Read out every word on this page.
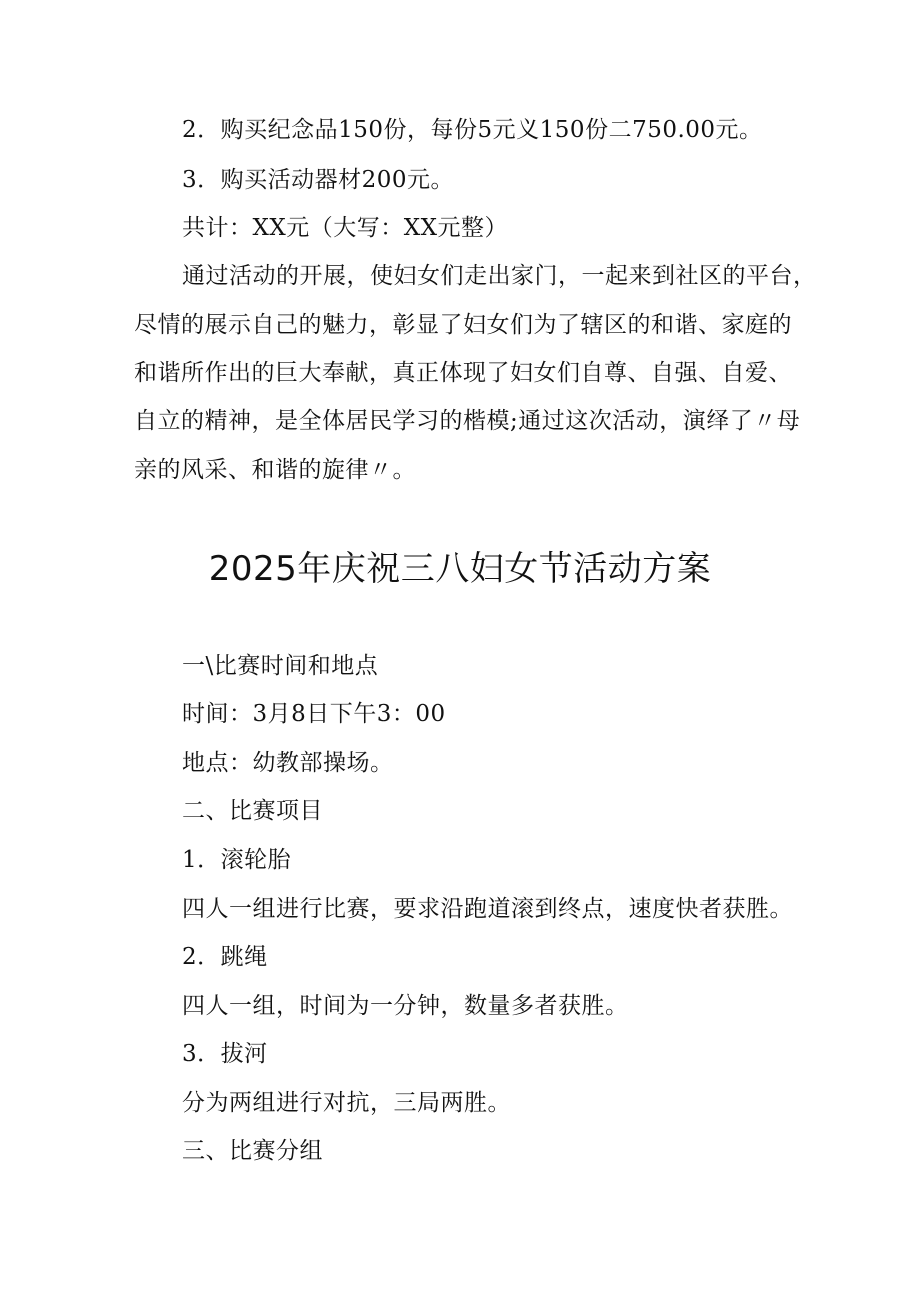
2．购买纪念品150份，每份5元义150份二750.00元。

3．购买活动器材200元。

共计：XX元（大写：XX元整）

通过活动的开展，使妇女们走出家门，一起来到社区的平台，

尽情的展示自己的魅力，彰显了妇女们为了辖区的和谐、家庭的

和谐所作出的巨大奉献，真正体现了妇女们自尊、自强、自爱、

自立的精神，是全体居民学习的楷模;通过这次活动，演绎了〃母

亲的风采、和谐的旋律〃。

2025年庆祝三八妇女节活动方案

一\比赛时间和地点

时间：3月8日下午3：00

地点：幼教部操场。

二、比赛项目

1．滚轮胎

四人一组进行比赛，要求沿跑道滚到终点，速度快者获胜。

2．跳绳

四人一组，时间为一分钟，数量多者获胜。

3．拔河

分为两组进行对抗，三局两胜。

三、比赛分组
